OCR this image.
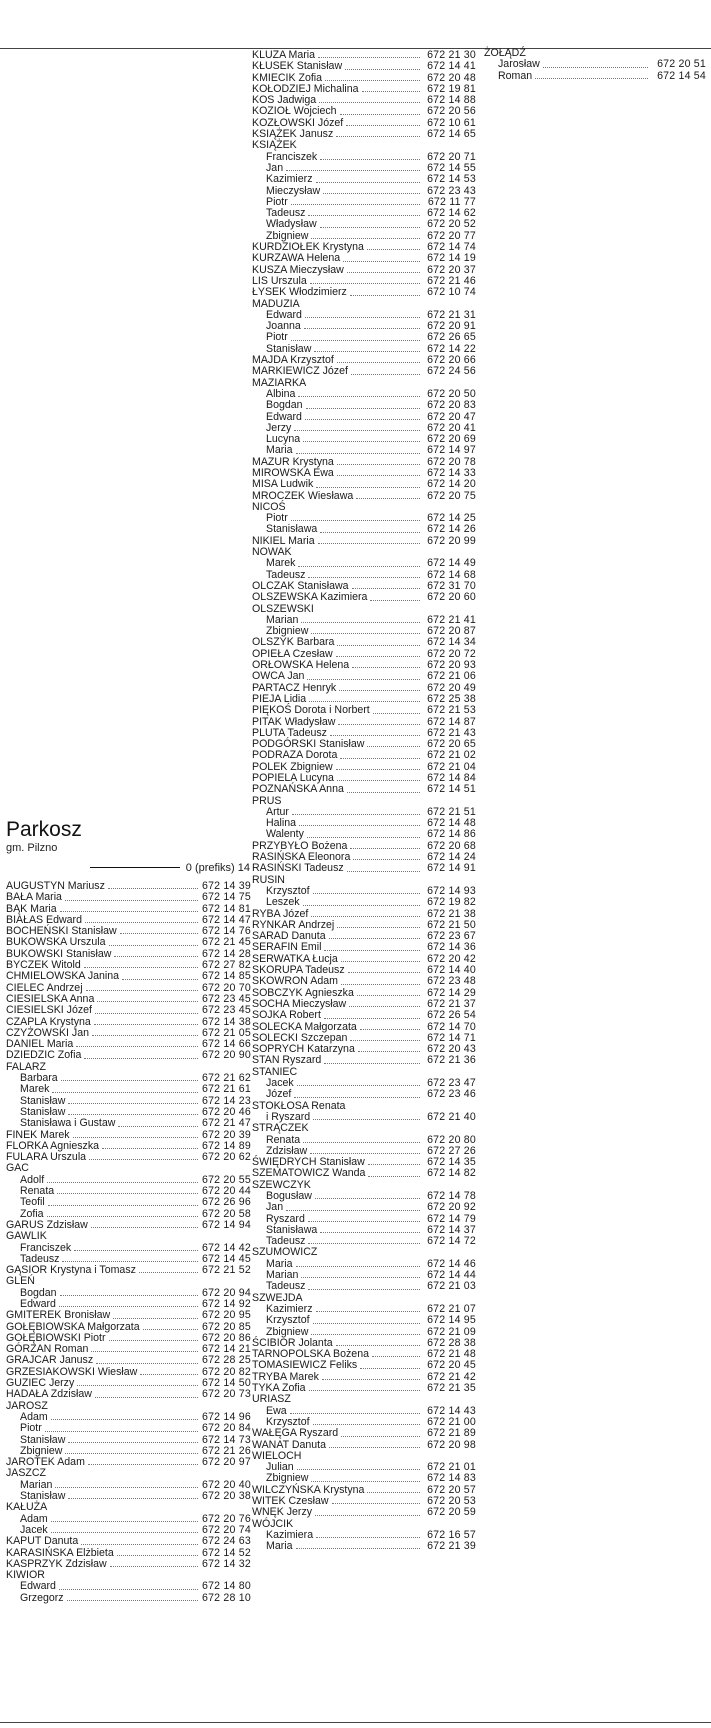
KLUZA Maria	672 21 30
KŁUSEK Stanisław	672 14 41
KMIECIK Zofia	672 20 48
KOŁODZIEJ Michalina	672 19 81
KOS Jadwiga	672 14 88
KOZIOŁ Wojciech	672 20 56
KOZŁOWSKI Józef	672 10 61
KSIĄŻEK Janusz	672 14 65
KSIĄŻEK
Franciszek	672 20 71
Jan	672 14 55
Kazimierz	672 14 53
Mieczysław	672 23 43
Piotr	672 11 77
Tadeusz	672 14 62
Władysław	672 20 52
Zbigniew	672 20 77
KURDZIOŁEK Krystyna	672 14 74
KURZAWA Helena	672 14 19
KUSZA Mieczysław	672 20 37
LIS Urszula	672 21 46
ŁYSEK Włodzimierz	672 10 74
MADUZIA
Edward	672 21 31
Joanna	672 20 91
Piotr	672 26 65
Stanisław	672 14 22
MAJDA Krzysztof	672 20 66
MARKIEWICZ Józef	672 24 56
MAZIARKA
Albina	672 20 50
Bogdan	672 20 83
Edward	672 20 47
Jerzy	672 20 41
Lucyna	672 20 69
Maria	672 14 97
MAZUR Krystyna	672 20 78
MIROWSKA Ewa	672 14 33
MISA Ludwik	672 14 20
MROCZEK Wiesława	672 20 75
NICOŚ
Piotr	672 14 25
Stanisława	672 14 26
NIKIEL Maria	672 20 99
NOWAK
Marek	672 14 49
Tadeusz	672 14 68
OLCZAK Stanisława	672 31 70
OLSZEWSKA Kazimiera	672 20 60
OLSZEWSKI
Marian	672 21 41
Zbigniew	672 20 87
OLSZYK Barbara	672 14 34
OPIEŁA Czesław	672 20 72
ORŁOWSKA Helena	672 20 93
OWCA Jan	672 21 06
PARTACZ Henryk	672 20 49
PIEJA Lidia	672 25 38
PIĘKOŚ Dorota i Norbert	672 21 53
PITAK Władysław	672 14 87
PLUTA Tadeusz	672 21 43
PODGÓRSKI Stanisław	672 20 65
PODRAZA Dorota	672 21 02
POLEK Zbigniew	672 21 04
POPIELA Lucyna	672 14 84
POZNAŃSKA Anna	672 14 51
PRUS
Artur	672 21 51
Halina	672 14 48
Walenty	672 14 86
PRZYBYŁO Bożena	672 20 68
RASIŃSKA Eleonora	672 14 24
RASIŃSKI Tadeusz	672 14 91
RUSIN
Krzysztof	672 14 93
Leszek	672 19 82
RYBA Józef	672 21 38
RYNKAR Andrzej	672 21 50
SARAD Danuta	672 23 67
SERAFIN Emil	672 14 36
SERWATKA Łucja	672 20 42
SKORUPA Tadeusz	672 14 40
SKOWRON Adam	672 23 48
SOBCZYK Agnieszka	672 14 29
SOCHA Mieczysław	672 21 37
SOJKA Robert	672 26 54
SOLECKA Małgorzata	672 14 70
SOLECKI Szczepan	672 14 71
SOPRYCH Katarzyna	672 20 43
STAN Ryszard	672 21 36
STANIEC
Jacek	672 23 47
Józef	672 23 46
STOKŁOSA Renata
i Ryszard	672 21 40
STRĄCZEK
Renata	672 20 80
Zdzisław	672 27 26
ŚWIĘDRYCH Stanisław	672 14 35
SZEMATOWICZ Wanda	672 14 82
SZEWCZYK
Bogusław	672 14 78
Jan	672 20 92
Ryszard	672 14 79
Stanisława	672 14 37
Tadeusz	672 14 72
SZUMOWICZ
Maria	672 14 46
Marian	672 14 44
Tadeusz	672 21 03
SZWEJDA
Kazimierz	672 21 07
Krzysztof	672 14 95
Zbigniew	672 21 09
ŚCIBIOR Jolanta	672 28 38
TARNOPOLSKA Bożena	672 21 48
TOMASIEWICZ Feliks	672 20 45
TRYBA Marek	672 21 42
TYKA Zofia	672 21 35
URIASZ
Ewa	672 14 43
Krzysztof	672 21 00
WAŁĘGA Ryszard	672 21 89
WANAT Danuta	672 20 98
WIELOCH
Julian	672 21 01
Zbigniew	672 14 83
WILCZYŃSKA Krystyna	672 20 57
WITEK Czesław	672 20 53
WNĘK Jerzy	672 20 59
WÓJCIK
Kazimiera	672 16 57
Maria	672 21 39
ŻOŁĄDŹ
Jarosław	672 20 51
Roman	672 14 54
Parkosz
gm. Pilzno
0 (prefiks) 14
AUGUSTYN Mariusz	672 14 39
BAŁA Maria	672 14 75
BĄK Maria	672 14 81
BIAŁAS Edward	672 14 47
BOCHEŃSKI Stanisław	672 14 76
BUKOWSKA Urszula	672 21 45
BUKOWSKI Stanisław	672 14 28
BYCZEK Witold	672 27 82
CHMIELOWSKA Janina	672 14 85
CIELEC Andrzej	672 20 70
CIESIELSKA Anna	672 23 45
CIESIELSKI Józef	672 23 45
CZAPLA Krystyna	672 14 38
CZYŻOWSKI Jan	672 21 05
DANIEL Maria	672 14 66
DZIEDZIC Zofia	672 20 90
FALARZ
Barbara	672 21 62
Marek	672 21 61
Stanisław	672 14 23
Stanisław	672 20 46
Stanisława i Gustaw	672 21 47
FINEK Marek	672 20 39
FLORKA Agnieszka	672 14 89
FULARA Urszula	672 20 62
GAC
Adolf	672 20 55
Renata	672 20 44
Teofil	672 26 96
Zofia	672 20 58
GARUS Zdzisław	672 14 94
GAWLIK
Franciszek	672 14 42
Tadeusz	672 14 45
GĄSIOR Krystyna i Tomasz	672 21 52
GLEŃ
Bogdan	672 20 94
Edward	672 14 92
GMITEREK Bronisław	672 20 95
GOŁĘBIOWSKA Małgorzata	672 20 85
GOŁĘBIOWSKI Piotr	672 20 86
GÓRZAN Roman	672 14 21
GRAJCAR Janusz	672 28 25
GRZESIAKOWSKI Wiesław	672 20 82
GUZIEC Jerzy	672 14 50
HADAŁA Zdzisław	672 20 73
JAROSZ
Adam	672 14 96
Piotr	672 20 84
Stanisław	672 14 73
Zbigniew	672 21 26
JAROTEK Adam	672 20 97
JASZCZ
Marian	672 20 40
Stanisław	672 20 38
KAŁUŻA
Adam	672 20 76
Jacek	672 20 74
KAPUT Danuta	672 24 63
KARASIŃSKA Elżbieta	672 14 52
KASPRZYK Zdzisław	672 14 32
KIWIOR
Edward	672 14 80
Grzegorz	672 28 10
